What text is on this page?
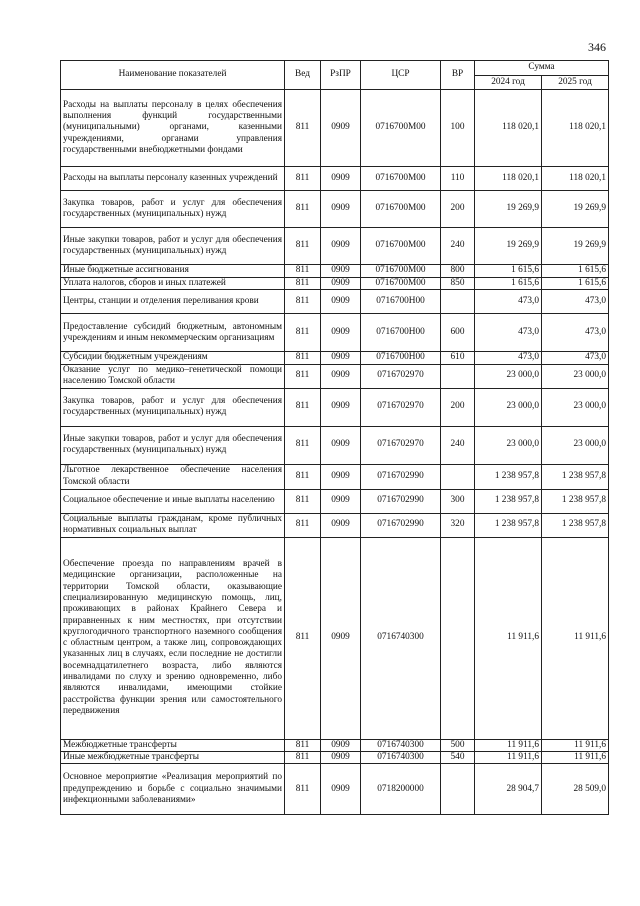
346
Наименование показателей	Вед	РзПР	ЦСР	ВР	Сумма	
					2024 год	2025 год
Расходы на выплаты персоналу в целях обеспечения выполнения функций государственными (муниципальными) органами, казенными учреждениями, органами управления государственными внебюджетными фондами	811	0909	0716700М00	100	118 020,1	118 020,1
Расходы на выплаты персоналу казенных учреждений	811	0909	0716700М00	110	118 020,1	118 020,1
Закупка товаров, работ и услуг для обеспечения государственных (муниципальных) нужд	811	0909	0716700М00	200	19 269,9	19 269,9
Иные закупки товаров, работ и услуг для обеспечения государственных (муниципальных) нужд	811	0909	0716700М00	240	19 269,9	19 269,9
Иные бюджетные ассигнования	811	0909	0716700М00	800	1 615,6	1 615,6
Уплата налогов, сборов и иных платежей	811	0909	0716700М00	850	1 615,6	1 615,6
Центры, станции и отделения переливания крови	811	0909	0716700Н00		473,0	473,0
Предоставление субсидий бюджетным, автономным учреждениям и иным некоммерческим организациям	811	0909	0716700Н00	600	473,0	473,0
Субсидии бюджетным учреждениям	811	0909	0716700Н00	610	473,0	473,0
Оказание услуг по медико–генетической помощи населению Томской области	811	0909	0716702970		23 000,0	23 000,0
Закупка товаров, работ и услуг для обеспечения государственных (муниципальных) нужд	811	0909	0716702970	200	23 000,0	23 000,0
Иные закупки товаров, работ и услуг для обеспечения государственных (муниципальных) нужд	811	0909	0716702970	240	23 000,0	23 000,0
Льготное лекарственное обеспечение населения Томской области	811	0909	0716702990		1 238 957,8	1 238 957,8
Социальное обеспечение и иные выплаты населению	811	0909	0716702990	300	1 238 957,8	1 238 957,8
Социальные выплаты гражданам, кроме публичных нормативных социальных выплат	811	0909	0716702990	320	1 238 957,8	1 238 957,8
Обеспечение проезда по направлениям врачей в медицинские организации, расположенные на территории Томской области, оказывающие специализированную медицинскую помощь, лиц, проживающих в районах Крайнего Севера и приравненных к ним местностях, при отсутствии круглогодичного транспортного наземного сообщения с областным центром, а также лиц, сопровождающих указанных лиц в случаях, если последние не достигли восемнадцатилетнего возраста, либо являются инвалидами по слуху и зрению одновременно, либо являются инвалидами, имеющими стойкие расстройства функции зрения или самостоятельного передвижения	811	0909	0716740300		11 911,6	11 911,6
Межбюджетные трансферты	811	0909	0716740300	500	11 911,6	11 911,6
Иные межбюджетные трансферты	811	0909	0716740300	540	11 911,6	11 911,6
Основное мероприятие «Реализация мероприятий по предупреждению и борьбе с социально значимыми инфекционными заболеваниями»	811	0909	0718200000		28 904,7	28 509,0
